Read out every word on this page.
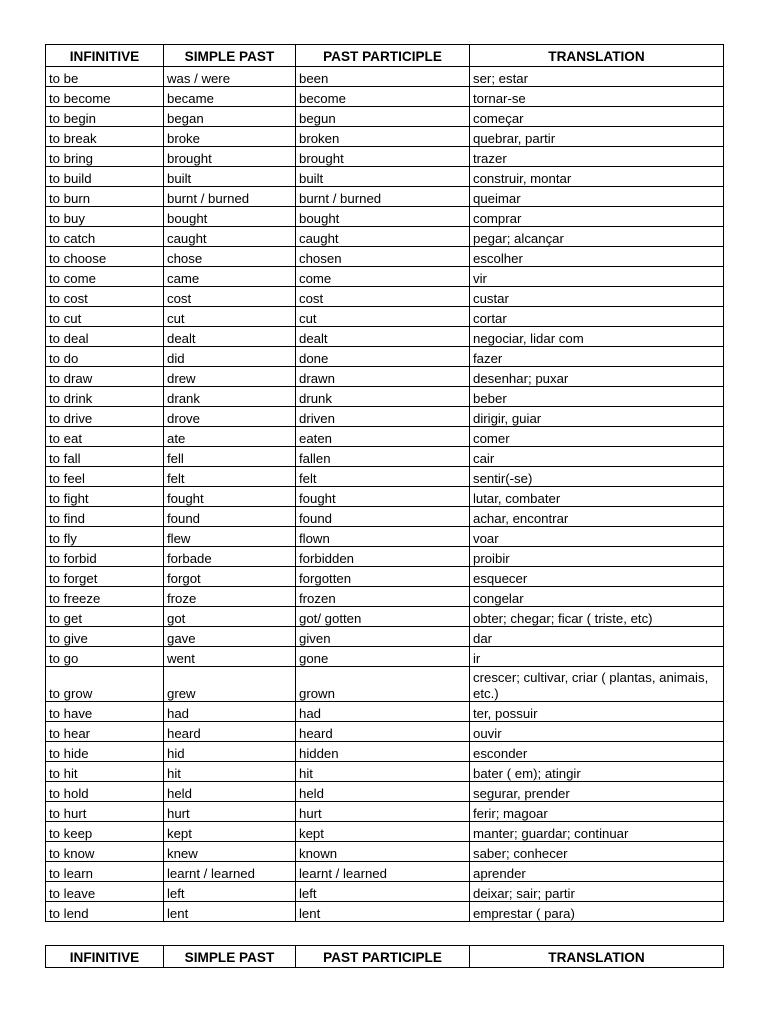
INFINITIVE	SIMPLE PAST	PAST PARTICIPLE	TRANSLATION
to be	was / were	been	ser; estar
to become	became	become	tornar-se
to begin	began	begun	começar
to break	broke	broken	quebrar, partir
to bring	brought	brought	trazer
to build	built	built	construir, montar
to burn	burnt / burned	burnt / burned	queimar
to buy	bought	bought	comprar
to catch	caught	caught	pegar; alcançar
to choose	chose	chosen	escolher
to come	came	come	vir
to cost	cost	cost	custar
to cut	cut	cut	cortar
to deal	dealt	dealt	negociar, lidar com
to do	did	done	fazer
to draw	drew	drawn	desenhar; puxar
to drink	drank	drunk	beber
to drive	drove	driven	dirigir, guiar
to eat	ate	eaten	comer
to fall	fell	fallen	cair
to feel	felt	felt	sentir(-se)
to fight	fought	fought	lutar, combater
to find	found	found	achar, encontrar
to fly	flew	flown	voar
to forbid	forbade	forbidden	proibir
to forget	forgot	forgotten	esquecer
to freeze	froze	frozen	congelar
to get	got	got/ gotten	obter; chegar; ficar ( triste, etc)
to give	gave	given	dar
to go	went	gone	ir
to grow	grew	grown	crescer; cultivar, criar ( plantas, animais, etc.)
to have	had	had	ter, possuir
to hear	heard	heard	ouvir
to hide	hid	hidden	esconder
to hit	hit	hit	bater ( em); atingir
to hold	held	held	segurar, prender
to hurt	hurt	hurt	ferir; magoar
to keep	kept	kept	manter; guardar; continuar
to know	knew	known	saber; conhecer
to learn	learnt / learned	learnt / learned	aprender
to leave	left	left	deixar; sair; partir
to lend	lent	lent	emprestar ( para)
INFINITIVE	SIMPLE PAST	PAST PARTICIPLE	TRANSLATION
